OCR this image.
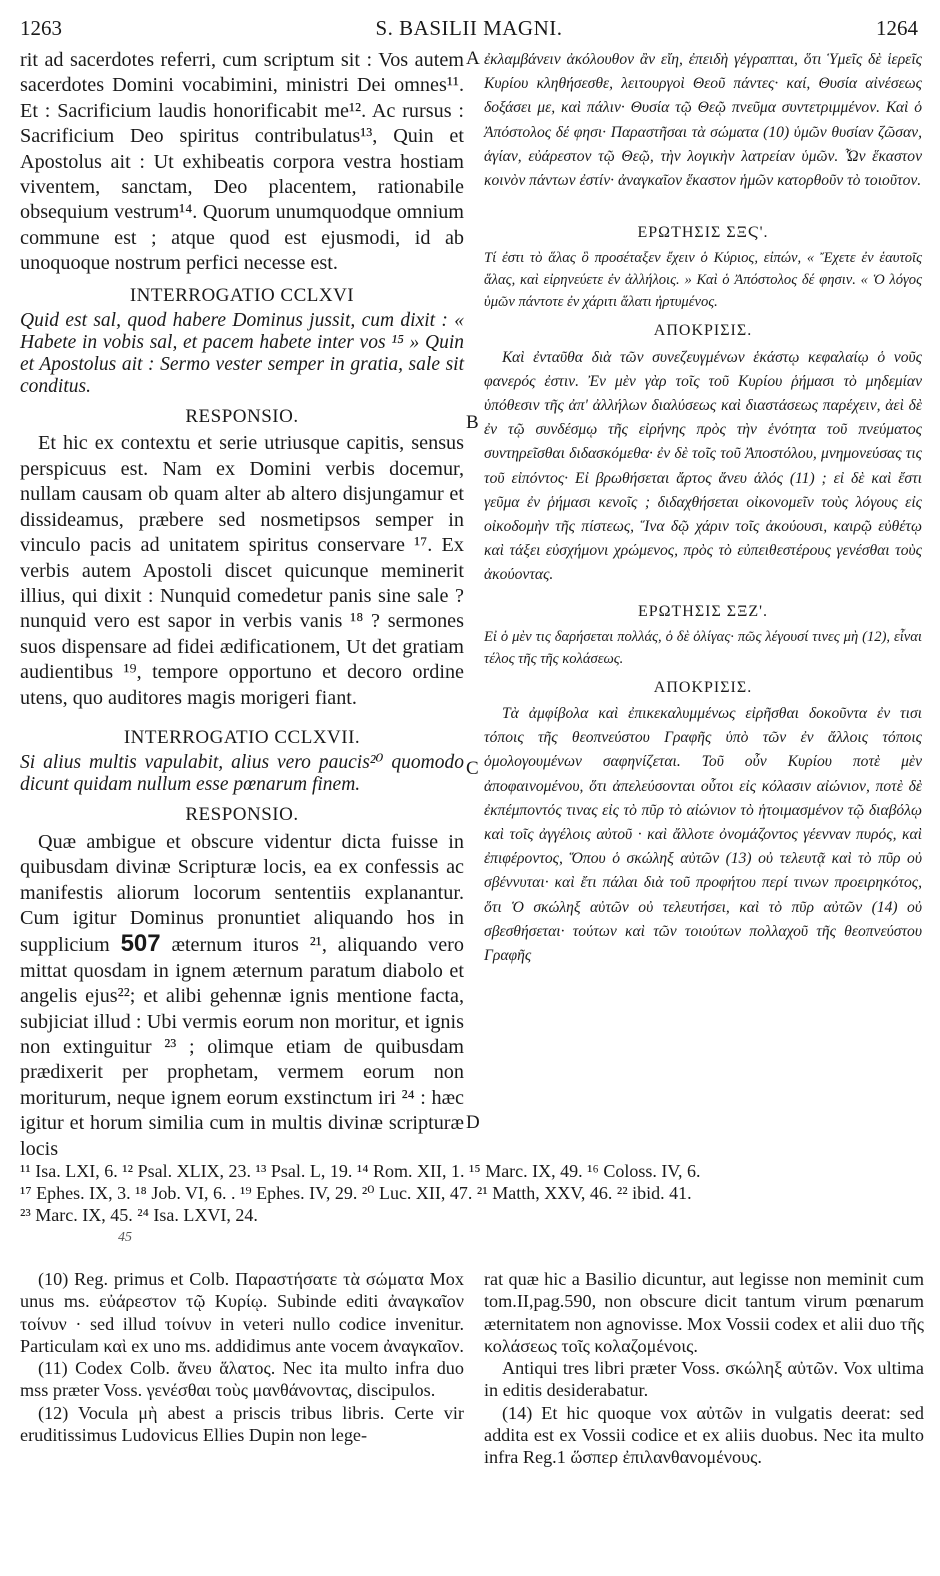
S. BASILII MAGNI.
1263	1264

rit ad sacerdotes referri, cum scriptum sit : Vos autem sacerdotes Domini vocabimini, ministri Dei omnes¹¹. Et : Sacrificium laudis honorificabit me¹². Ac rursus : Sacrificium Deo spiritus contribulatus¹³, Quin et Apostolus ait : Ut exhibeatis corpora vestra hostiam viventem, sanctam, Deo placentem, rationabile obsequium vestrum¹⁴. Quorum unumquodque omnium commune est ; atque quod est ejusmodi, id ab unoquoque nostrum perfici necesse est.

INTERROGATIO CCLXVI
Quid est sal, quod habere Dominus jussit, cum dixit : « Habete in vobis sal, et pacem habete inter vos ¹⁵ » Quin et Apostolus ait : Sermo vester semper in gratia, sale sit conditus.
RESPONSIO.

Et hic ex contextu et serie utriusque capitis, sensus perspicuus est. Nam ex Domini verbis docemur, nullam causam ob quam alter ab altero disjungamur et dissideamus, præbere sed nosmetipsos semper in vinculo pacis ad unitatem spiritus conservare ¹⁷. Ex verbis autem Apostoli discet quicunque meminerit illius, qui dixit : Nunquid comedetur panis sine sale ? nunquid vero est sapor in verbis vanis ¹⁸ ? sermones suos dispensare ad fidei ædificationem, Ut det gratiam audientibus ¹⁹, tempore opportuno et decoro ordine utens, quo auditores magis morigeri fiant.

INTERROGATIO CCLXVII.
Si alius multis vapulabit, alius vero paucis²⁰ quomodo dicunt quidam nullum esse pœnarum finem.
RESPONSIO.

Quæ ambigue et obscure videntur dicta fuisse in quibusdam divinæ Scripturæ locis, ea ex confessis ac manifestis aliorum locorum sententiis explanantur. Cum igitur Dominus pronuntiet aliquando hos in supplicium 507 æternum ituros ²¹, aliquando vero mittat quosdam in ignem æternum paratum diabolo et angelis ejus²²; et alibi gehennæ ignis mentione facta, subjiciat illud : Ubi vermis eorum non moritur, et ignis non extinguitur ²³ ; olimque etiam de quibusdam prædixerit per prophetam, vermem eorum non moriturum, neque ignem eorum exstinctum iri ²⁴ : hæc igitur et horum similia cum in multis divinæ scripturæ locis

A
B
C
D

ἐκλαμβάνειν ἀκόλουθον ἂν εἴη, ἐπειδὴ γέγραπται, ὅτι Ὑμεῖς δὲ ἱερεῖς Κυρίου κληθήσεσθε, λειτουργοὶ Θεοῦ πάντες· καί, Θυσία αἰνέσεως δοξάσει με, καὶ πάλιν· Θυσία τῷ Θεῷ πνεῦμα συντετριμμένον. Καὶ ὁ Ἀπόστολος δέ φησι· Παραστῆσαι τὰ σώματα (10) ὑμῶν θυσίαν ζῶσαν, ἁγίαν, εὐάρεστον τῷ Θεῷ, τὴν λογικὴν λατρείαν ὑμῶν. Ὧν ἕκαστον κοινὸν πάντων ἐστίν· ἀναγκαῖον ἕκαστον ἡμῶν κατορθοῦν τὸ τοιοῦτον.

ΕΡΩΤΗΣΙΣ ΣΞϚ'.
Τί ἐστι τὸ ἅλας ὃ προσέταξεν ἔχειν ὁ Κύριος, εἰπών, « Ἔχετε ἐν ἑαυτοῖς ἅλας, καὶ εἰρηνεύετε ἐν ἀλλήλοις. » Καὶ ὁ Ἀπόστολος δέ φησιν. « Ὁ λόγος ὑμῶν πάντοτε ἐν χάριτι ἅλατι ἠρτυμένος.
ΑΠΟΚΡΙΣΙΣ.

Καὶ ἐνταῦθα διὰ τῶν συνεζευγμένων ἑκάστῳ κεφαλαίῳ ὁ νοῦς φανερός ἐστιν. Ἐν μὲν γὰρ τοῖς τοῦ Κυρίου ῥήμασι τὸ μηδεμίαν ὑπόθεσιν τῆς ἀπ' ἀλλήλων διαλύσεως καὶ διαστάσεως παρέχειν, ἀεὶ δὲ ἐν τῷ συνδέσμῳ τῆς εἰρήνης πρὸς τὴν ἑνότητα τοῦ πνεύματος συντηρεῖσθαι διδασκόμεθα· ἐν δὲ τοῖς τοῦ Ἀποστόλου, μνημονεύσας τις τοῦ εἰπόντος· Εἰ βρωθήσεται ἄρτος ἄνευ ἁλός (11) ; εἰ δὲ καὶ ἔστι γεῦμα ἐν ῥήμασι κενοῖς ; διδαχθήσεται οἰκονομεῖν τοὺς λόγους εἰς οἰκοδομὴν τῆς πίστεως, Ἵνα δῷ χάριν τοῖς ἀκούουσι, καιρῷ εὐθέτῳ καὶ τάξει εὐσχήμονι χρώμενος, πρὸς τὸ εὐπειθεστέρους γενέσθαι τοὺς ἀκούοντας.

ΕΡΩΤΗΣΙΣ ΣΞΖ'.
Εἰ ὁ μὲν τις δαρήσεται πολλάς, ὁ δὲ ὀλίγας· πῶς λέγουσί τινες μὴ (12), εἶναι τέλος τῆς τῆς κολάσεως.
ΑΠΟΚΡΙΣΙΣ.

Τὰ ἀμφίβολα καὶ ἐπικεκαλυμμένως εἰρῆσθαι δοκοῦντα ἐν τισι τόποις τῆς θεοπνεύστου Γραφῆς ὑπὸ τῶν ἐν ἄλλοις τόποις ὁμολογουμένων σαφηνίζεται. Τοῦ οὖν Κυρίου ποτὲ μὲν ἀποφαινομένου, ὅτι ἀπελεύσονται οὗτοι εἰς κόλασιν αἰώνιον, ποτὲ δὲ ἐκπέμποντός τινας εἰς τὸ πῦρ τὸ αἰώνιον τὸ ἡτοιμασμένον τῷ διαβόλῳ καὶ τοῖς ἀγγέλοις αὐτοῦ · καὶ ἄλλοτε ὀνομάζοντος γέενναν πυρός, καὶ ἐπιφέροντος, Ὅπου ὁ σκώληξ αὐτῶν (13) οὐ τελευτᾷ καὶ τὸ πῦρ οὐ σβέννυται· καὶ ἔτι πάλαι διὰ τοῦ προφήτου περί τινων προειρηκότος, ὅτι Ὁ σκώληξ αὐτῶν οὐ τελευτήσει, καὶ τὸ πῦρ αὐτῶν (14) οὐ σβεσθήσεται· τούτων καὶ τῶν τοιούτων πολλαχοῦ τῆς θεοπνεύστου Γραφῆς

¹¹ Isa. LXI, 6. ¹² Psal. XLIX, 23. ¹³ Psal. L, 19. ¹⁴ Rom. XII, 1. ¹⁵ Marc. IX, 49. ¹⁶ Coloss. IV, 6.
¹⁷ Ephes. IX, 3. ¹⁸ Job. VI, 6. . ¹⁹ Ephes. IV, 29. ²⁰ Luc. XII, 47. ²¹ Matth, XXV, 46. ²² ibid. 41.
²³ Marc. IX, 45. ²⁴ Isa. LXVI, 24.
45

(10) Reg. primus et Colb. Παραστήσατε τὰ σώματα Mox unus ms. εὐάρεστον τῷ Κυρίῳ. Subinde editi ἀναγκαῖον τοίνυν · sed illud τοίνυν in veteri nullo codice invenitur. Particulam καὶ ex uno ms. addidimus ante vocem ἀναγκαῖον.

(11) Codex Colb. ἄνευ ἅλατος. Nec ita multo infra duo mss præter Voss. γενέσθαι τοὺς μανθάνοντας, discipulos.

(12) Vocula μὴ abest a priscis tribus libris. Certe vir eruditissimus Ludovicus Ellies Dupin non lege-

rat quæ hic a Basilio dicuntur, aut legisse non meminit cum tom.II,pag.590, non obscure dicit tantum virum pœnarum æternitatem non agnovisse. Mox Vossii codex et alii duo τῆς κολάσεως τοῖς κολαζομένοις.

Antiqui tres libri præter Voss. σκώληξ αὐτῶν. Vox ultima in editis desiderabatur.

(14) Et hic quoque vox αὐτῶν in vulgatis deerat: sed addita est ex Vossii codice et ex aliis duobus. Nec ita multo infra Reg.1 ὥσπερ ἐπιλανθανομένους.
